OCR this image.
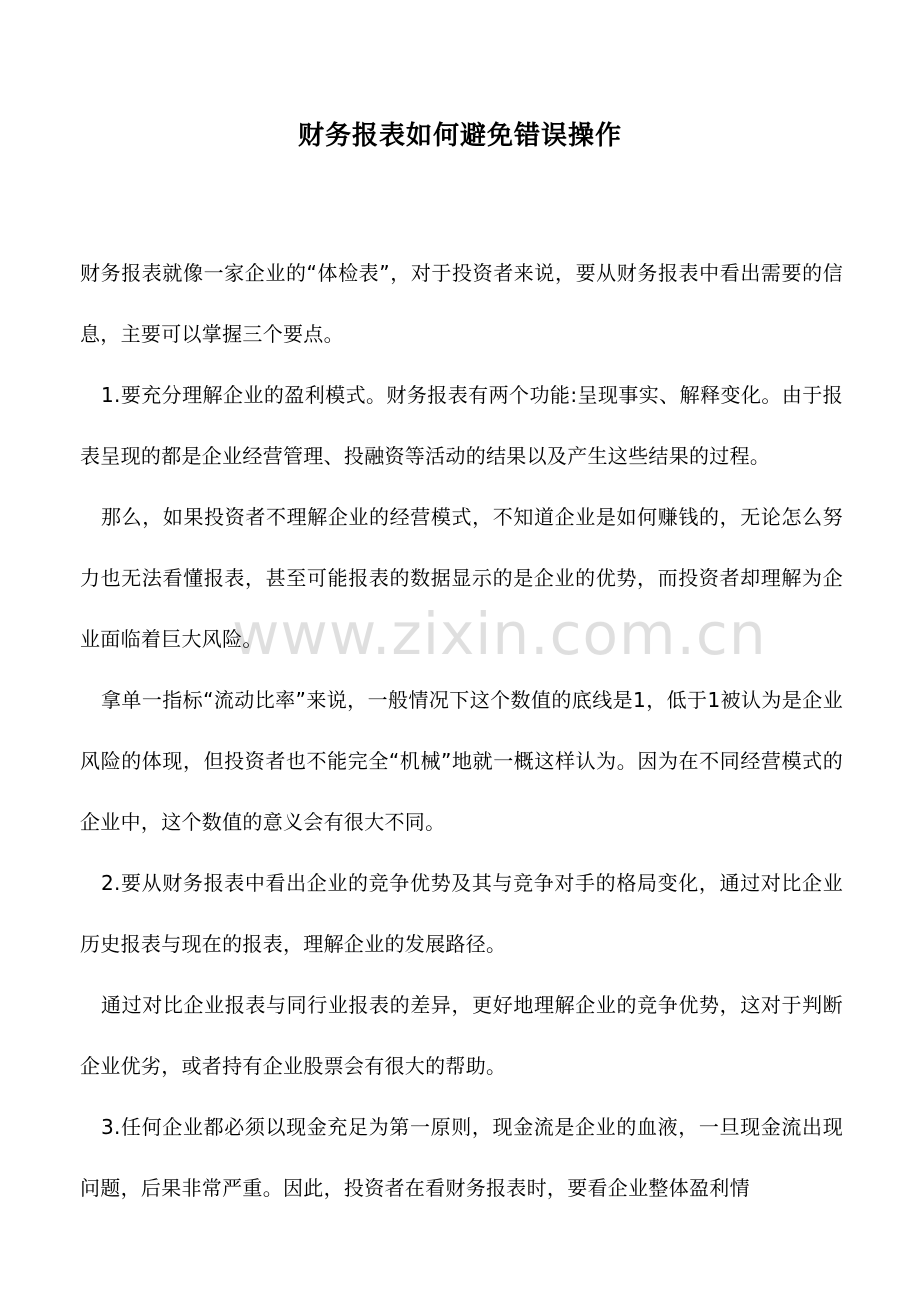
财务报表如何避免错误操作

财务报表就像一家企业的“体检表”，对于投资者来说，要从财务报表中看出需要的信息，主要可以掌握三个要点。

1.要充分理解企业的盈利模式。财务报表有两个功能:呈现事实、解释变化。由于报表呈现的都是企业经营管理、投融资等活动的结果以及产生这些结果的过程。

那么，如果投资者不理解企业的经营模式，不知道企业是如何赚钱的，无论怎么努力也无法看懂报表，甚至可能报表的数据显示的是企业的优势，而投资者却理解为企业面临着巨大风险。

拿单一指标“流动比率”来说，一般情况下这个数值的底线是1，低于1被认为是企业风险的体现，但投资者也不能完全“机械”地就一概这样认为。因为在不同经营模式的企业中，这个数值的意义会有很大不同。

2.要从财务报表中看出企业的竞争优势及其与竞争对手的格局变化，通过对比企业历史报表与现在的报表，理解企业的发展路径。

通过对比企业报表与同行业报表的差异，更好地理解企业的竞争优势，这对于判断企业优劣，或者持有企业股票会有很大的帮助。

3.任何企业都必须以现金充足为第一原则，现金流是企业的血液，一旦现金流出现问题，后果非常严重。因此，投资者在看财务报表时，要看企业整体盈利情

www.zixin.com.cn
